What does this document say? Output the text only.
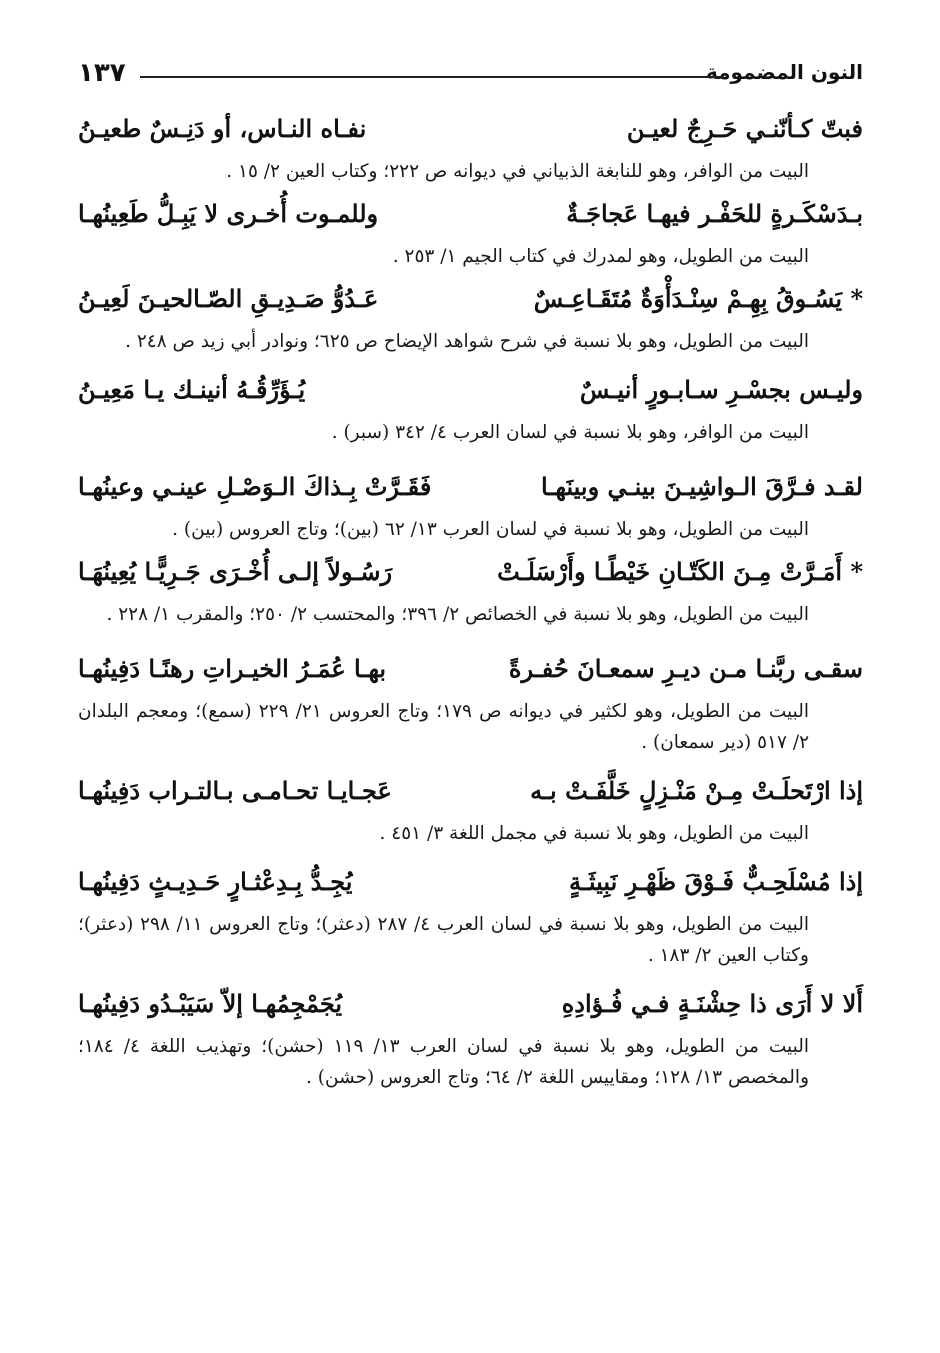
النون المضمومة
١٣٧
فبتّ كـأنّنـي حَـرِجٌ لعيـن
نفـاه النـاس، أو دَنِـسٌ طعيـنُ
البيت من الوافر، وهو للنابغة الذبياني في ديوانه ص ٢٢٢؛ وكتاب العين ٢/ ١٥ .
بـدَسْكَـرةٍ للحَفْـر فيهـا عَجاجَـةٌ
وللمـوت أُخـرى لا يَبِـلُّ طَعِينُهـا
البيت من الطويل، وهو لمدرك في كتاب الجيم ١/ ٢٥٣ .
* يَسُـوقُ بِهِـمْ سِنْـدَأْوَةٌ مُتَقَـاعِـسٌ
عَـدُوُّ صَـدِيـقِ الصّـالحيـنَ لَعِيـنُ
البيت من الطويل، وهو بلا نسبة في شرح شواهد الإيضاح ص ٦٢٥؛ ونوادر أبي زيد ص ٢٤٨ .
وليـس بجسْـرِ سـابـورٍ أنيـسٌ
يُـؤَرِّقُـهُ أنينـك يـا مَعِيـنُ
البيت من الوافر، وهو بلا نسبة في لسان العرب ٤/ ٣٤٢ (سبر) .
لقـد فـرَّقَ الـواشِيـنَ بينـي وبينَهـا
فَقَـرَّتْ بِـذاكَ الـوَصْـلِ عينـي وعينُهـا
البيت من الطويل، وهو بلا نسبة في لسان العرب ١٣/ ٦٢ (بين)؛ وتاج العروس (بين) .
* أَمَـرَّتْ مِـنَ الكَتّـانِ خَيْطًـا وأَرْسَلَـتْ
رَسُـولاً إلـى أُخْـرَى جَـرِيًّـا يُعِينُهَـا
البيت من الطويل، وهو بلا نسبة في الخصائص ٢/ ٣٩٦؛ والمحتسب ٢/ ٢٥٠؛ والمقرب ١/ ٢٢٨ .
سقـى ربَّنـا مـن ديـرِ سمعـانَ حُفـرةً
بهـا عُمَـرُ الخيـراتِ رهنًـا دَفِينُهـا
البيت من الطويل، وهو لكثير في ديوانه ص ١٧٩؛ وتاج العروس ٢١/ ٢٢٩ (سمع)؛ ومعجم البلدان ٢/ ٥١٧ (دير سمعان) .
إذا ارْتَحلَـتْ مِـنْ مَنْـزِلٍ خَلَّفَـتْ بـه
عَجـايـا تحـامـى بـالتـراب دَفِينُهـا
البيت من الطويل، وهو بلا نسبة في مجمل اللغة ٣/ ٤٥١ .
إذا مُسْلَحِـبٌّ فَـوْقَ ظَهْـرِ نَبِيثَـةٍ
يُجِـدُّ بِـدِعْثـارٍ حَـدِيـثٍ دَفِينُهـا
البيت من الطويل، وهو بلا نسبة في لسان العرب ٤/ ٢٨٧ (دعثر)؛ وتاج العروس ١١/ ٢٩٨ (دعثر)؛ وكتاب العين ٢/ ١٨٣ .
أَلا لا أَرَى ذا حِشْنَـةٍ فـي فُـؤادِهِ
يُجَمْجِمُهـا إلاّ سَيَبْـدُو دَفِينُهـا
البيت من الطويل، وهو بلا نسبة في لسان العرب ١٣/ ١١٩ (حشن)؛ وتهذيب اللغة ٤/ ١٨٤؛ والمخصص ١٣/ ١٢٨؛ ومقاييس اللغة ٢/ ٦٤؛ وتاج العروس (حشن) .
